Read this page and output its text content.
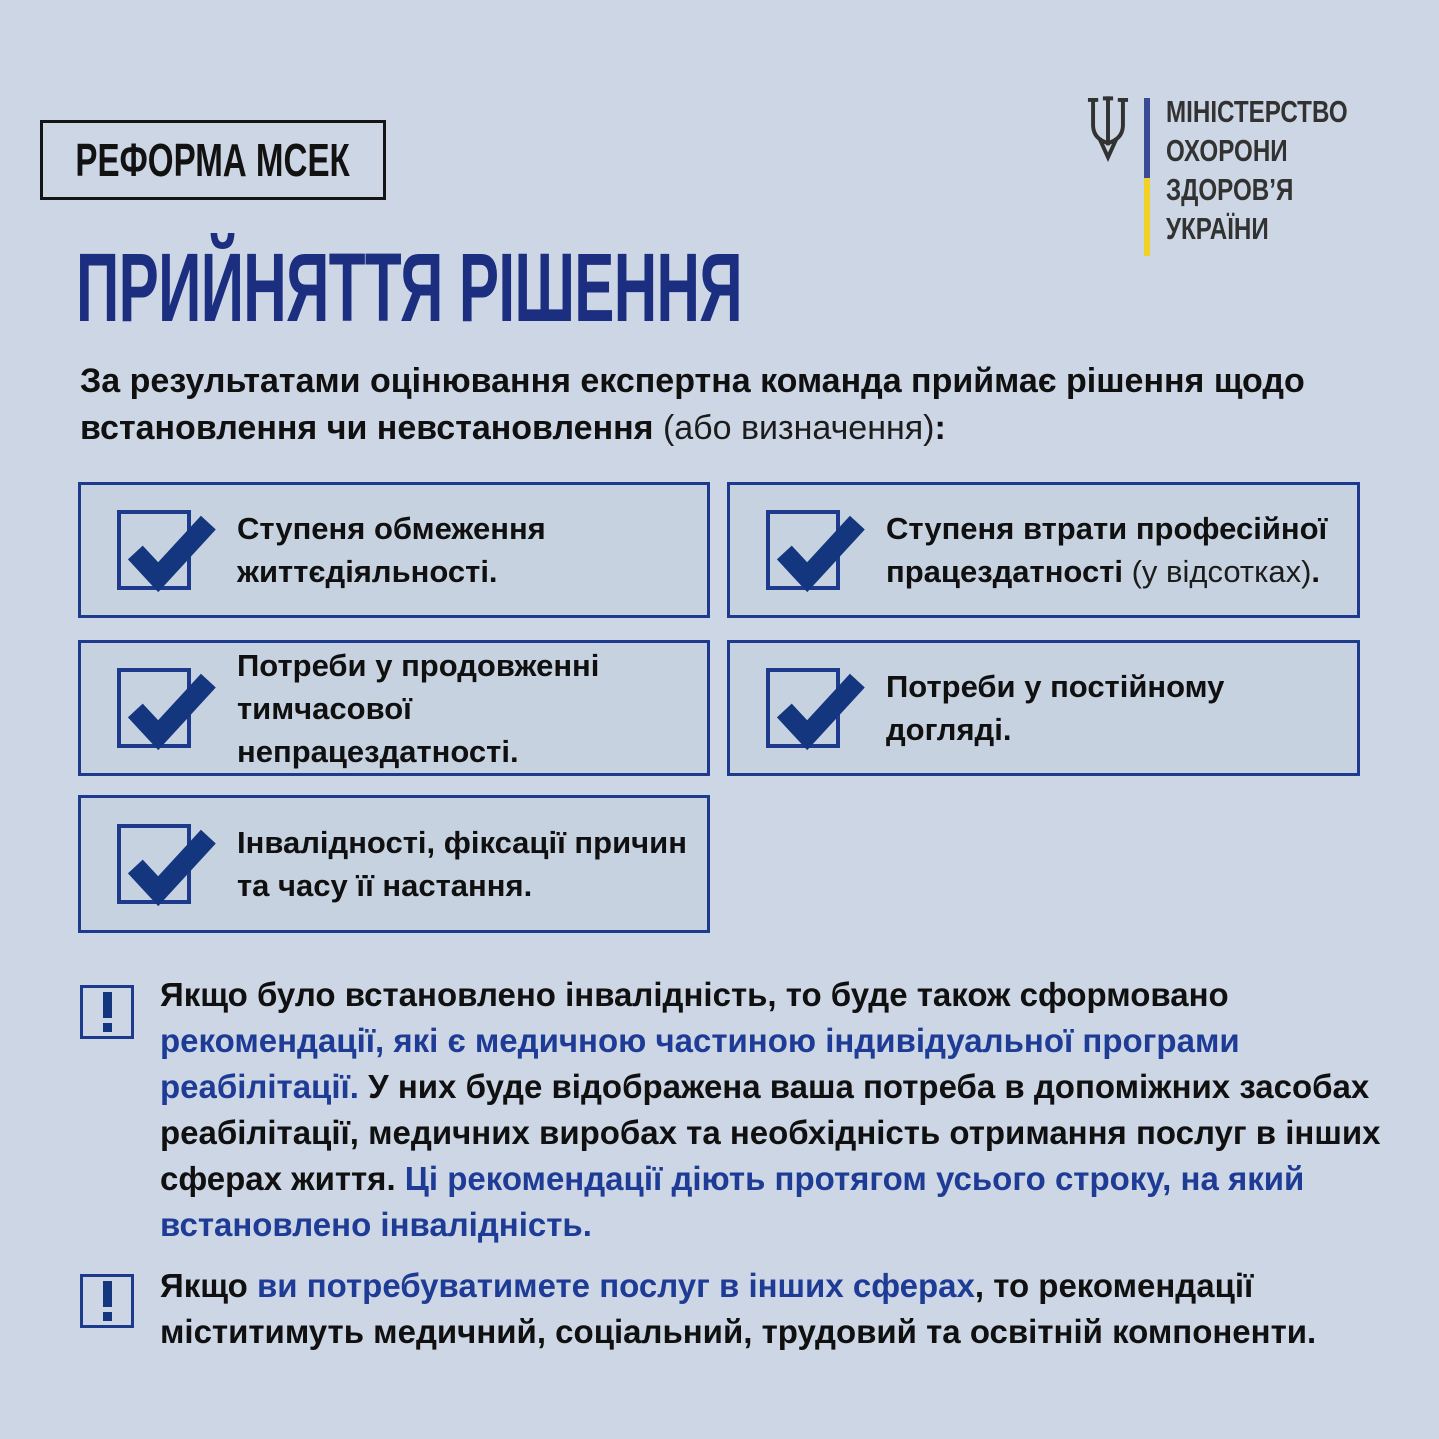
РЕФОРМА МСЕК
МІНІСТЕРСТВО
ОХОРОНИ
ЗДОРОВ’Я
УКРАЇНИ
ПРИЙНЯТТЯ РІШЕННЯ

За результатами оцінювання експертна команда приймає рішення щодо встановлення чи невстановлення (або визначення):

Ступеня обмеження життєдіяльності.
Ступеня втрати професійної працездатності (у відсотках).
Потреби у продовженні тимчасової непрацездатності.
Потреби у постійному догляді.
Інвалідності, фіксації причин та часу її настання.

Якщо було встановлено інвалідність, то буде також сформовано рекомендації, які є медичною частиною індивідуальної програми реабілітації. У них буде відображена ваша потреба в допоміжних засобах реабілітації, медичних виробах та необхідність отримання послуг в інших сферах життя. Ці рекомендації діють протягом усього строку, на який встановлено інвалідність.

Якщо ви потребуватимете послуг в інших сферах, то рекомендації міститимуть медичний, соціальний, трудовий та освітній компоненти.
